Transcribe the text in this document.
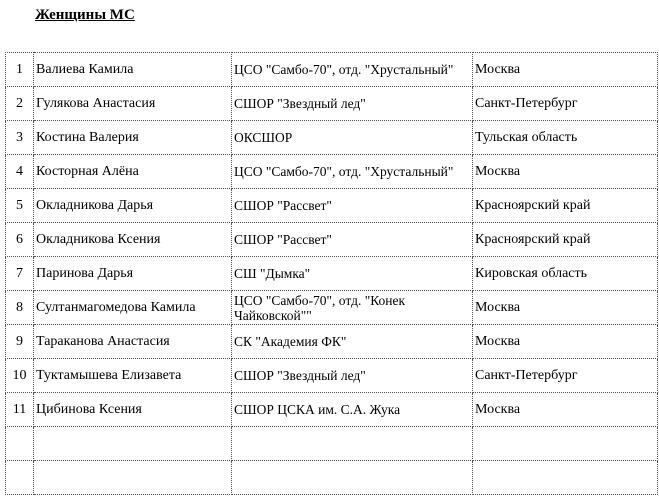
Женщины МС
1	Валиева Камила	ЦСО "Самбо-70", отд. "Хрустальный"	Москва
2	Гулякова Анастасия	СШОР "Звездный лед"	Санкт-Петербург
3	Костина Валерия	ОКСШОР	Тульская область
4	Косторная Алёна	ЦСО "Самбо-70", отд. "Хрустальный"	Москва
5	Окладникова Дарья	СШОР "Рассвет"	Красноярский край
6	Окладникова Ксения	СШОР "Рассвет"	Красноярский край
7	Паринова Дарья	СШ "Дымка"	Кировская область
8	Султанмагомедова Камила	ЦСО "Самбо-70", отд. "Конек Чайковской""	Москва
9	Тараканова Анастасия	СК "Академия ФК"	Москва
10	Туктамышева Елизавета	СШОР "Звездный лед"	Санкт-Петербург
11	Цибинова Ксения	СШОР ЦСКА им. С.А. Жука	Москва
